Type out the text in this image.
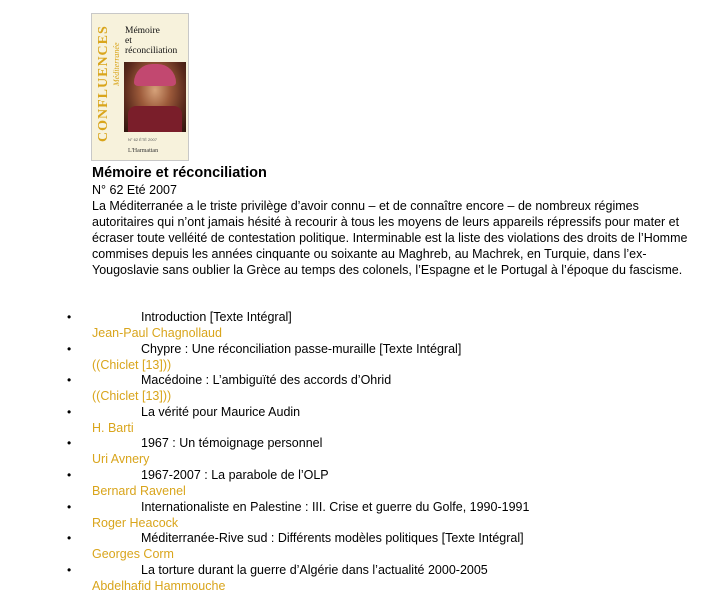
CONFLUENCES Méditerranée
Mémoire
et
réconciliation
N° 62 ÉTÉ 2007
L'Harmattan
Mémoire et réconciliation
N° 62 Eté 2007

La Méditerranée a le triste privilège d’avoir connu – et de connaître encore – de nombreux régimes autoritaires qui n’ont jamais hésité à recourir à tous les moyens de leurs appareils répressifs pour mater et écraser toute velléité de contestation politique. Interminable est la liste des violations des droits de l’Homme commises depuis les années cinquante ou soixante au Maghreb, au Machrek, en Turquie, dans l’ex-Yougoslavie sans oublier la Grèce au temps des colonels, l’Espagne et le Portugal à l’époque du fascisme.

•	Introduction [Texte Intégral]
Jean-Paul Chagnollaud
•	Chypre : Une réconciliation passe-muraille [Texte Intégral]
((Chiclet [13]))
•	Macédoine : L’ambiguïté des accords d’Ohrid
((Chiclet [13]))
•	La vérité pour Maurice Audin
H. Barti
•	1967 : Un témoignage personnel
Uri Avnery
•	1967-2007 : La parabole de l’OLP
Bernard Ravenel
•	Internationaliste en Palestine : III. Crise et guerre du Golfe, 1990-1991
Roger Heacock
•	Méditerranée-Rive sud : Différents modèles politiques [Texte Intégral]
Georges Corm
•	La torture durant la guerre d’Algérie dans l’actualité 2000-2005
Abdelhafid Hammouche
